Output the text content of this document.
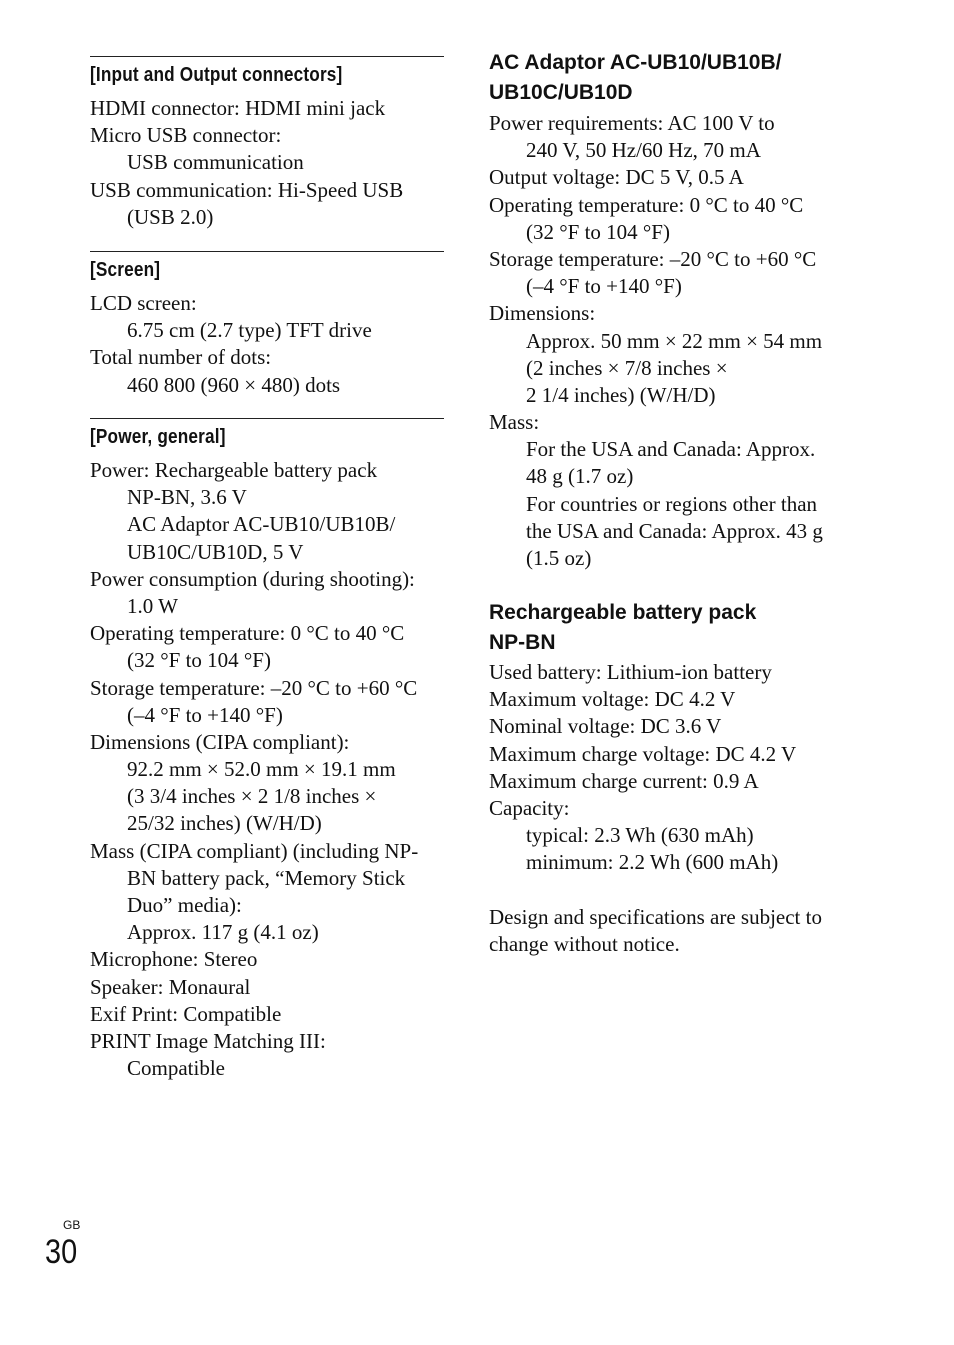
[Input and Output connectors]
HDMI connector: HDMI mini jack
Micro USB connector:
USB communication
USB communication: Hi-Speed USB
(USB 2.0)
[Screen]
LCD screen:
6.75 cm (2.7 type) TFT drive
Total number of dots:
460 800 (960 × 480) dots
[Power, general]
Power: Rechargeable battery pack
NP-BN, 3.6 V
AC Adaptor AC-UB10/UB10B/
UB10C/UB10D, 5 V
Power consumption (during shooting):
1.0 W
Operating temperature: 0 °C to 40 °C
(32 °F to 104 °F)
Storage temperature: –20 °C to +60 °C
(–4 °F to +140 °F)
Dimensions (CIPA compliant):
92.2 mm × 52.0 mm × 19.1 mm
(3 3/4 inches × 2 1/8 inches ×
25/32 inches) (W/H/D)
Mass (CIPA compliant) (including NP-
BN battery pack, “Memory Stick
Duo” media):
Approx. 117 g (4.1 oz)
Microphone: Stereo
Speaker: Monaural
Exif Print: Compatible
PRINT Image Matching III:
Compatible
AC Adaptor AC-UB10/UB10B/
UB10C/UB10D
Power requirements: AC 100 V to
240 V, 50 Hz/60 Hz, 70 mA
Output voltage: DC 5 V, 0.5 A
Operating temperature: 0 °C to 40 °C
(32 °F to 104 °F)
Storage temperature: –20 °C to +60 °C
(–4 °F to +140 °F)
Dimensions:
Approx. 50 mm × 22 mm × 54 mm
(2 inches × 7/8 inches ×
2 1/4 inches) (W/H/D)
Mass:
For the USA and Canada: Approx.
48 g (1.7 oz)
For countries or regions other than
the USA and Canada: Approx. 43 g
(1.5 oz)
Rechargeable battery pack
NP-BN
Used battery: Lithium-ion battery
Maximum voltage: DC 4.2 V
Nominal voltage: DC 3.6 V
Maximum charge voltage: DC 4.2 V
Maximum charge current: 0.9 A
Capacity:
typical: 2.3 Wh (630 mAh)
minimum: 2.2 Wh (600 mAh)
Design and specifications are subject to
change without notice.
GB
30
